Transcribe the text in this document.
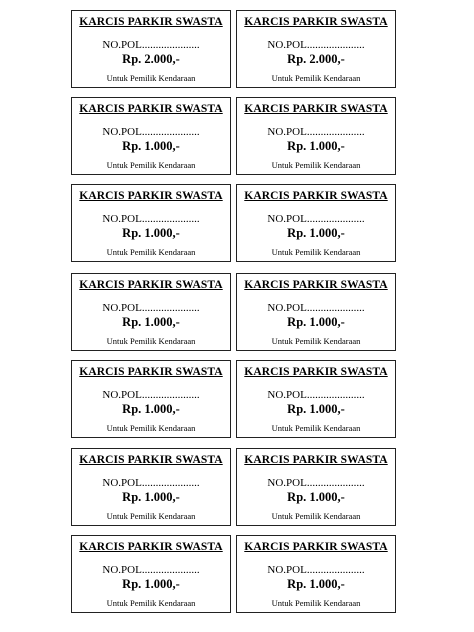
KARCIS PARKIR SWASTA
NO.POL.....................
Rp. 2.000,-
Untuk Pemilik Kendaraan
KARCIS PARKIR SWASTA
NO.POL.....................
Rp. 2.000,-
Untuk Pemilik Kendaraan
KARCIS PARKIR SWASTA
NO.POL.....................
Rp. 1.000,-
Untuk Pemilik Kendaraan
KARCIS PARKIR SWASTA
NO.POL.....................
Rp. 1.000,-
Untuk Pemilik Kendaraan
KARCIS PARKIR SWASTA
NO.POL.....................
Rp. 1.000,-
Untuk Pemilik Kendaraan
KARCIS PARKIR SWASTA
NO.POL.....................
Rp. 1.000,-
Untuk Pemilik Kendaraan
KARCIS PARKIR SWASTA
NO.POL.....................
Rp. 1.000,-
Untuk Pemilik Kendaraan
KARCIS PARKIR SWASTA
NO.POL.....................
Rp. 1.000,-
Untuk Pemilik Kendaraan
KARCIS PARKIR SWASTA
NO.POL.....................
Rp. 1.000,-
Untuk Pemilik Kendaraan
KARCIS PARKIR SWASTA
NO.POL.....................
Rp. 1.000,-
Untuk Pemilik Kendaraan
KARCIS PARKIR SWASTA
NO.POL.....................
Rp. 1.000,-
Untuk Pemilik Kendaraan
KARCIS PARKIR SWASTA
NO.POL.....................
Rp. 1.000,-
Untuk Pemilik Kendaraan
KARCIS PARKIR SWASTA
NO.POL.....................
Rp. 1.000,-
Untuk Pemilik Kendaraan
KARCIS PARKIR SWASTA
NO.POL.....................
Rp. 1.000,-
Untuk Pemilik Kendaraan
